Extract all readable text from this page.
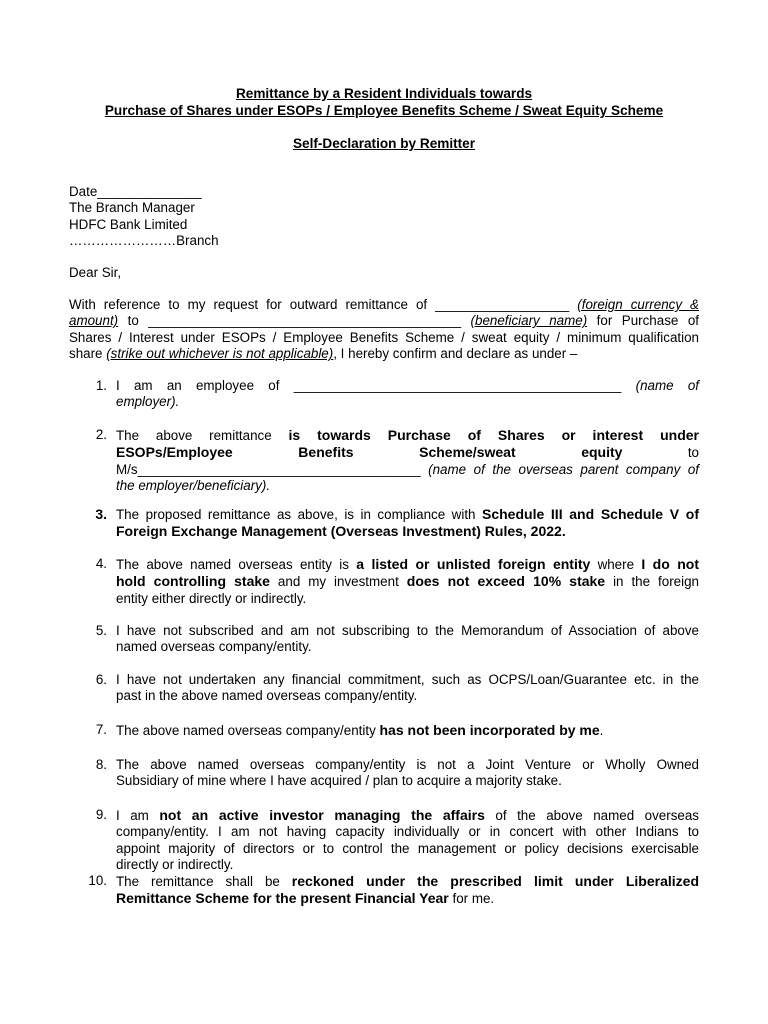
Remittance by a Resident Individuals towards
Purchase of Shares under ESOPs / Employee Benefits Scheme / Sweat Equity Scheme
Self-Declaration by Remitter
Date______________
The Branch Manager
HDFC Bank Limited
……………………Branch
Dear Sir,
With reference to my request for outward remittance of __________________ (foreign currency &
amount) to __________________________________________ (beneficiary name) for Purchase of
Shares / Interest under ESOPs / Employee Benefits Scheme / sweat equity / minimum qualification
share (strike out whichever is not applicable), I hereby confirm and declare as under –
1. I am an employee of ____________________________________________ (name of
employer).
2. The above remittance is towards Purchase of Shares or interest under
ESOPs/Employee Benefits Scheme/sweat equity to
M/s______________________________________ (name of the overseas parent company of
the employer/beneficiary).
3. The proposed remittance as above, is in compliance with Schedule III and Schedule V of
Foreign Exchange Management (Overseas Investment) Rules, 2022.
4. The above named overseas entity is a listed or unlisted foreign entity where I do not
hold controlling stake and my investment does not exceed 10% stake in the foreign
entity either directly or indirectly.
5. I have not subscribed and am not subscribing to the Memorandum of Association of above
named overseas company/entity.
6. I have not undertaken any financial commitment, such as OCPS/Loan/Guarantee etc. in the
past in the above named overseas company/entity.
7. The above named overseas company/entity has not been incorporated by me.
8. The above named overseas company/entity is not a Joint Venture or Wholly Owned
Subsidiary of mine where I have acquired / plan to acquire a majority stake.
9. I am not an active investor managing the affairs of the above named overseas
company/entity. I am not having capacity individually or in concert with other Indians to
appoint majority of directors or to control the management or policy decisions exercisable
directly or indirectly.
10. The remittance shall be reckoned under the prescribed limit under Liberalized
Remittance Scheme for the present Financial Year for me.
